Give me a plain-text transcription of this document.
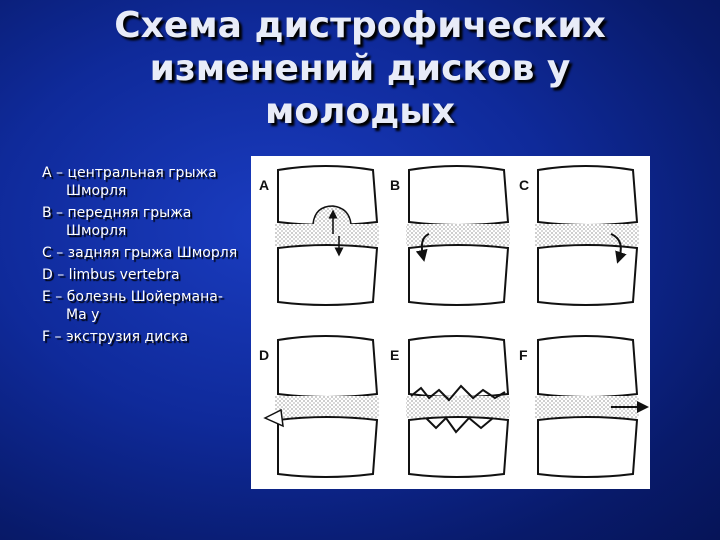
Схема дистрофических
изменений дисков у
молодых
А – центральная грыжа Шморля
В – передняя грыжа Шморля
С – задняя грыжа Шморля
D – limbus vertebra
Е – болезнь Шойермана-Ма у
F – экструзия диска
A	B	C
D	E	F
